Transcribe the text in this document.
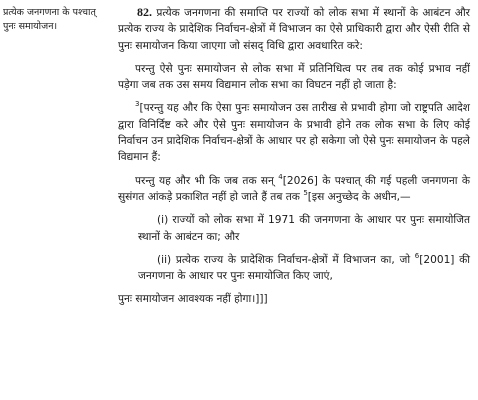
प्रत्येक जनगणना के पश्चात् पुनः समायोजन।

82. प्रत्येक जनगणना की समाप्ति पर राज्यों को लोक सभा में स्थानों के आबंटन और प्रत्येक राज्य के प्रादेशिक निर्वाचन-क्षेत्रों में विभाजन का ऐसे प्राधिकारी द्वारा और ऐसी रीति से पुनः समायोजन किया जाएगा जो संसद् विधि द्वारा अवधारित करे:

परन्तु ऐसे पुनः समायोजन से लोक सभा में प्रतिनिधित्व पर तब तक कोई प्रभाव नहीं पड़ेगा जब तक उस समय विद्यमान लोक सभा का विघटन नहीं हो जाता है:

$^3$[परन्तु यह और कि ऐसा पुनः समायोजन उस तारीख से प्रभावी होगा जो राष्ट्रपति आदेश द्वारा विनिर्दिष्ट करे और ऐसे पुनः समायोजन के प्रभावी होने तक लोक सभा के लिए कोई निर्वाचन उन प्रादेशिक निर्वाचन-क्षेत्रों के आधार पर हो सकेगा जो ऐसे पुनः समायोजन के पहले विद्यमान हैं:

परन्तु यह और भी कि जब तक सन् $^4$[2026] के पश्चात् की गई पहली जनगणना के सुसंगत आंकड़े प्रकाशित नहीं हो जाते हैं तब तक $^5$[इस अनुच्छेद के अधीन,—

(i) राज्यों को लोक सभा में 1971 की जनगणना के आधार पर पुनः समायोजित स्थानों के आबंटन का; और

(ii) प्रत्येक राज्य के प्रादेशिक निर्वाचन-क्षेत्रों में विभाजन का, जो $^6$[2001] की जनगणना के आधार पर पुनः समायोजित किए जाएं,

पुनः समायोजन आवश्यक नहीं होगा।]]]
